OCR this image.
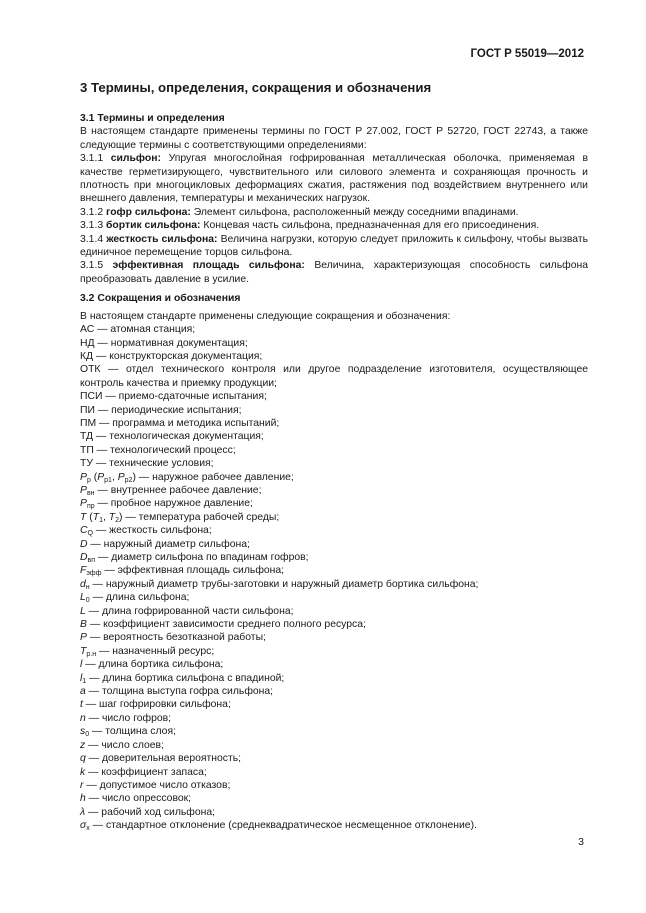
ГОСТ Р 55019—2012
3 Термины, определения, сокращения и обозначения
3.1 Термины и определения

В настоящем стандарте применены термины по ГОСТ Р 27.002, ГОСТ Р 52720, ГОСТ 22743, а также следующие термины с соответствующими определениями:

3.1.1 сильфон: Упругая многослойная гофрированная металлическая оболочка, применяемая в качестве герметизирующего, чувствительного или силового элемента и сохраняющая прочность и плотность при многоцикловых деформациях сжатия, растяжения под воздействием внутреннего или внешнего давления, температуры и механических нагрузок.

3.1.2 гофр сильфона: Элемент сильфона, расположенный между соседними впадинами.

3.1.3 бортик сильфона: Концевая часть сильфона, предназначенная для его присоединения.

3.1.4 жесткость сильфона: Величина нагрузки, которую следует приложить к сильфону, чтобы вызвать единичное перемещение торцов сильфона.

3.1.5 эффективная площадь сильфона: Величина, характеризующая способность сильфона преобразовать давление в усилие.

3.2 Сокращения и обозначения

В настоящем стандарте применены следующие сокращения и обозначения:

АС — атомная станция;

НД — нормативная документация;

КД — конструкторская документация;

ОТК — отдел технического контроля или другое подразделение изготовителя, осуществляющее контроль качества и приемку продукции;

ПСИ — приемо-сдаточные испытания;

ПИ — периодические испытания;

ПМ — программа и методика испытаний;

ТД — технологическая документация;

ТП — технологический процесс;

ТУ — технические условия;

$P_р$ ($P_{р1}$, $P_{р2}$) — наружное рабочее давление;

$P_{вн}$ — внутреннее рабочее давление;

$P_{пр}$ — пробное наружное давление;

T ($T_1$, $T_2$) — температура рабочей среды;

$C_Q$ — жесткость сильфона;

D — наружный диаметр сильфона;

$D_{вп}$ — диаметр сильфона по впадинам гофров;

$F_{эфф}$ — эффективная площадь сильфона;

$d_н$ — наружный диаметр трубы-заготовки и наружный диаметр бортика сильфона;

$L_0$ — длина сильфона;

L — длина гофрированной части сильфона;

B — коэффициент зависимости среднего полного ресурса;

P — вероятность безотказной работы;

$T_{р.н}$ — назначенный ресурс;

l — длина бортика сильфона;

$l_1$ — длина бортика сильфона с впадиной;

a — толщина выступа гофра сильфона;

t — шаг гофрировки сильфона;

n — число гофров;

$s_0$ — толщина слоя;

z — число слоев;

q — доверительная вероятность;

k — коэффициент запаса;

r — допустимое число отказов;

h — число опрессовок;

λ — рабочий ход сильфона;

$\sigma_x$ — стандартное отклонение (среднеквадратическое несмещенное отклонение).

3
